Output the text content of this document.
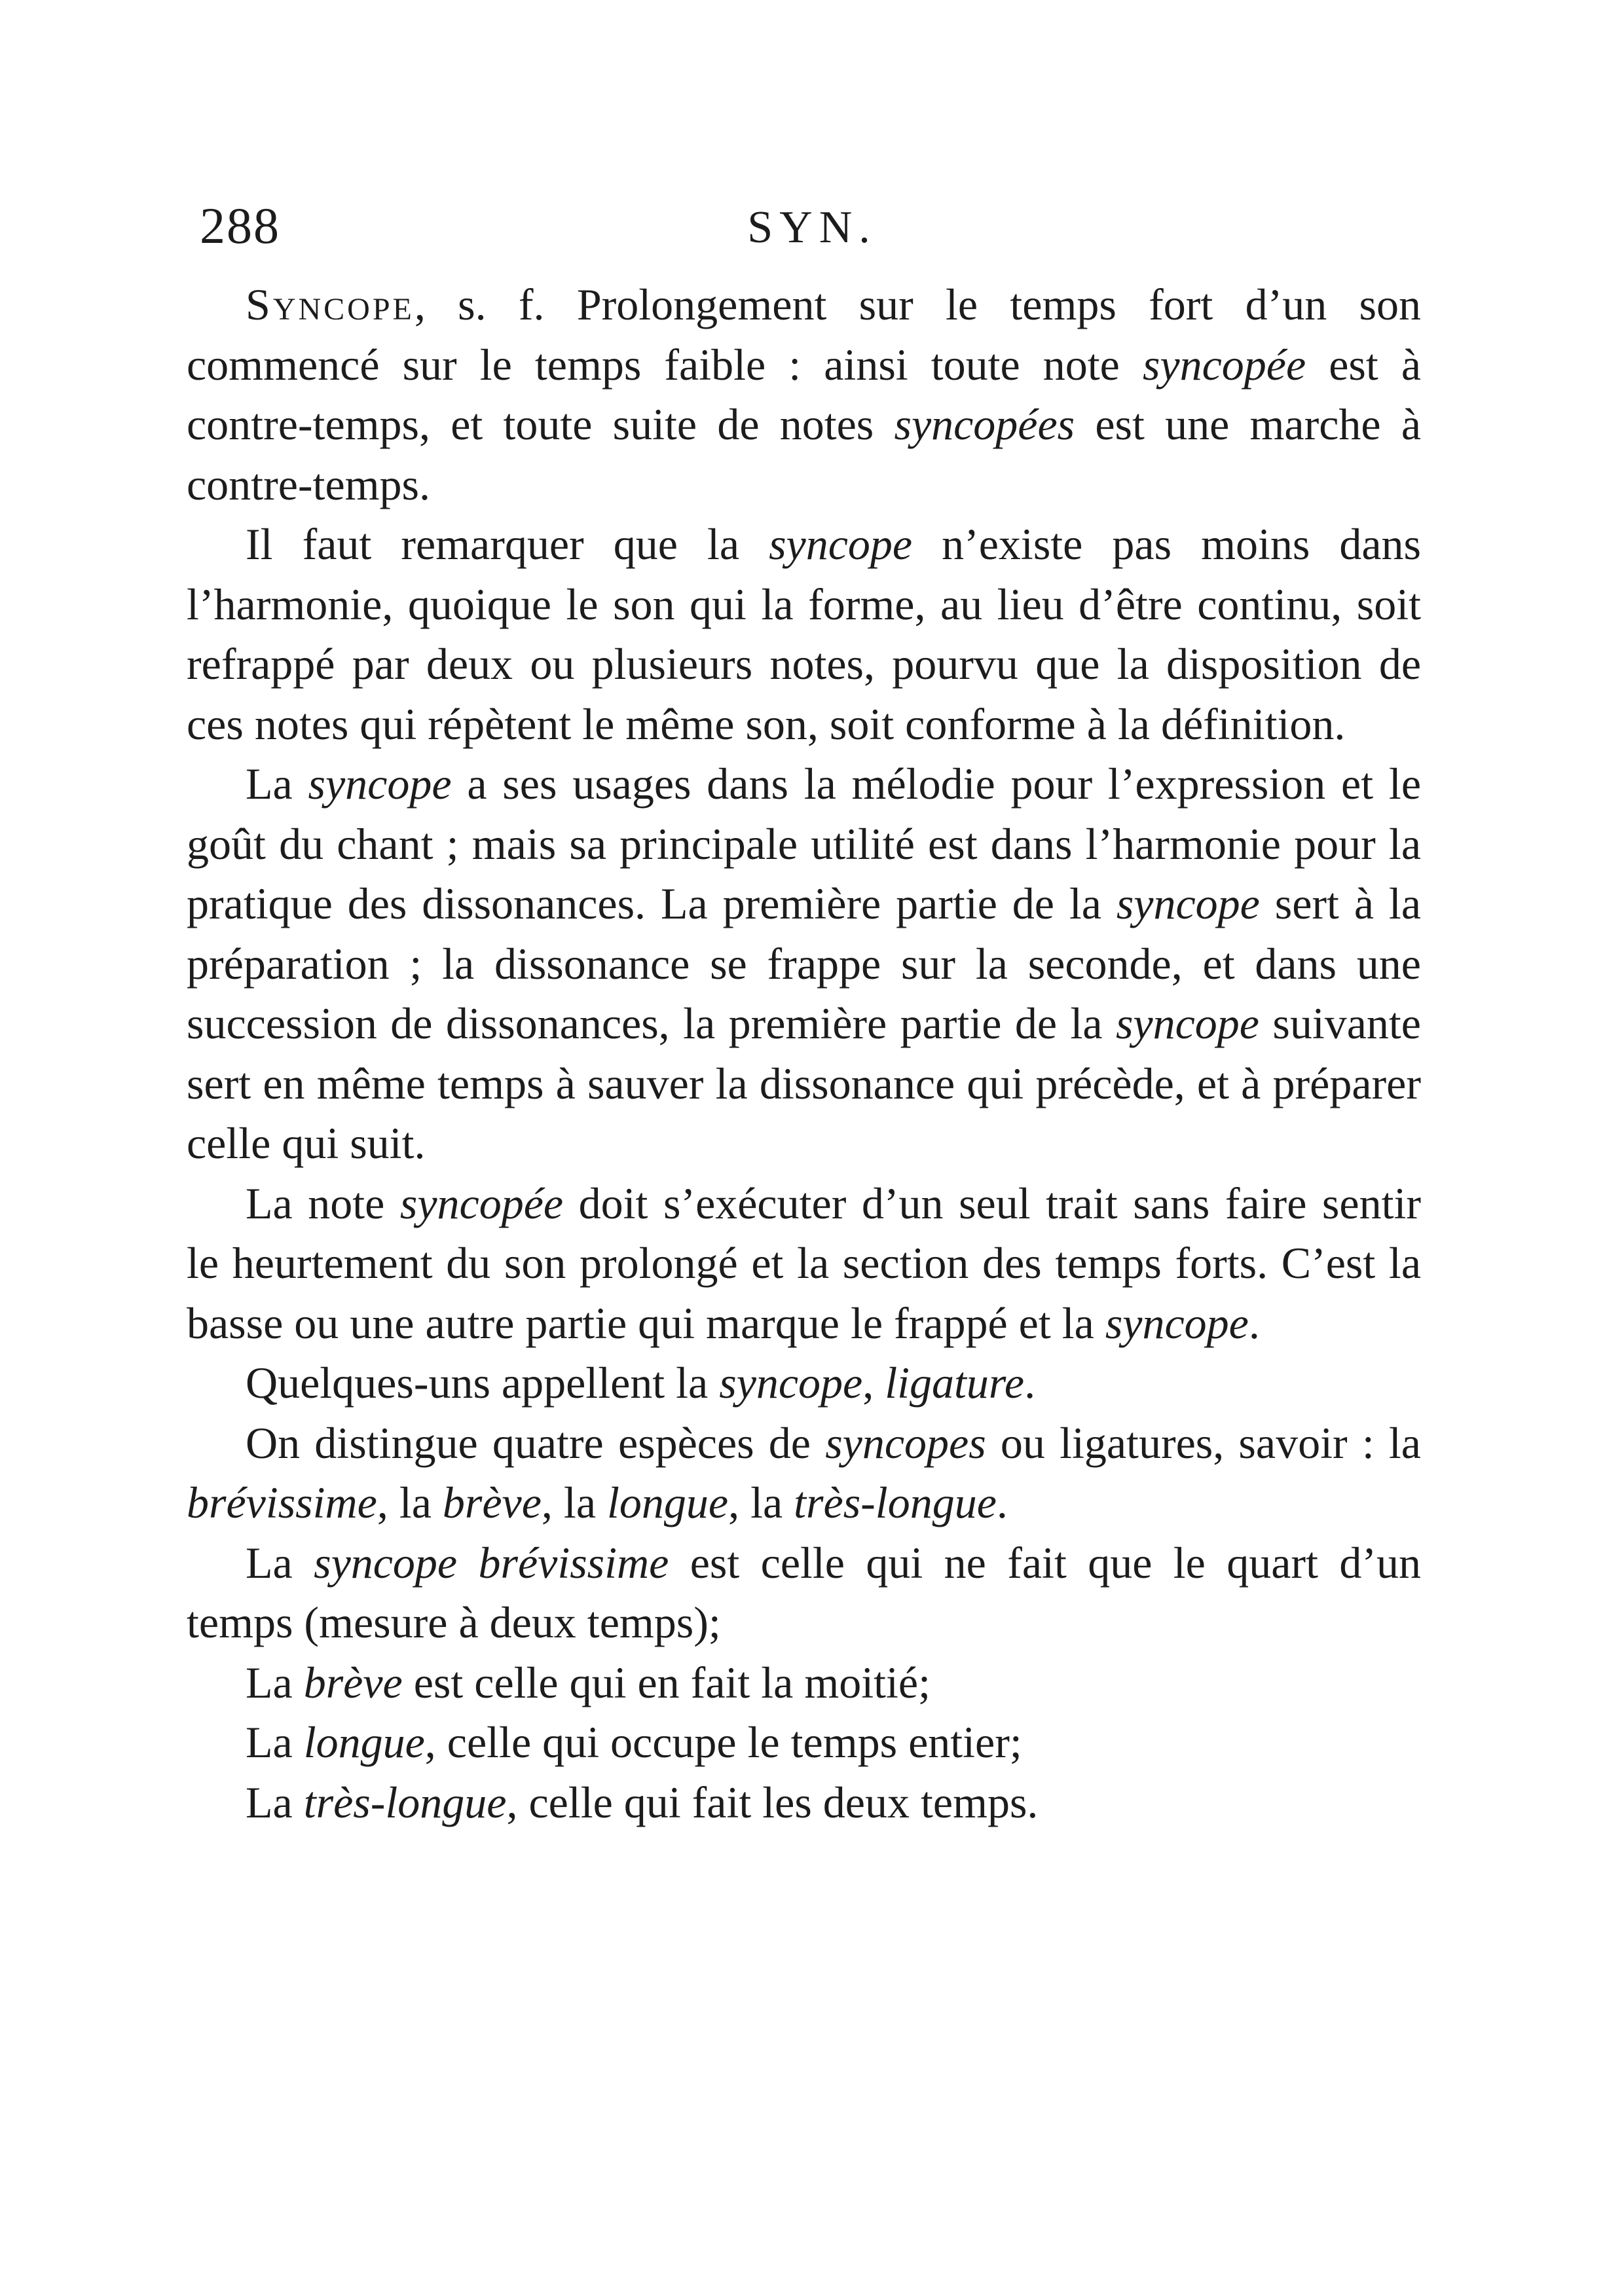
288	SYN.

Syncope, s. f. Prolongement sur le temps fort d’un son commencé sur le temps faible : ainsi toute note syncopée est à contre-temps, et toute suite de notes syncopées est une marche à contre-temps.

Il faut remarquer que la syncope n’existe pas moins dans l’harmonie, quoique le son qui la forme, au lieu d’être continu, soit refrappé par deux ou plusieurs notes, pourvu que la disposition de ces notes qui répètent le même son, soit conforme à la définition.

La syncope a ses usages dans la mélodie pour l’expression et le goût du chant ; mais sa principale utilité est dans l’harmonie pour la pratique des dissonances. La première partie de la syncope sert à la préparation ; la dissonance se frappe sur la seconde, et dans une succession de dissonances, la première partie de la syncope suivante sert en même temps à sauver la dissonance qui précède, et à préparer celle qui suit.

La note syncopée doit s’exécuter d’un seul trait sans faire sentir le heurtement du son prolongé et la section des temps forts. C’est la basse ou une autre partie qui marque le frappé et la syncope.

Quelques-uns appellent la syncope, ligature.

On distingue quatre espèces de syncopes ou ligatures, savoir : la brévissime, la brève, la longue, la très-longue.

La syncope brévissime est celle qui ne fait que le quart d’un temps (mesure à deux temps);

La brève est celle qui en fait la moitié;

La longue, celle qui occupe le temps entier;

La très-longue, celle qui fait les deux temps.
